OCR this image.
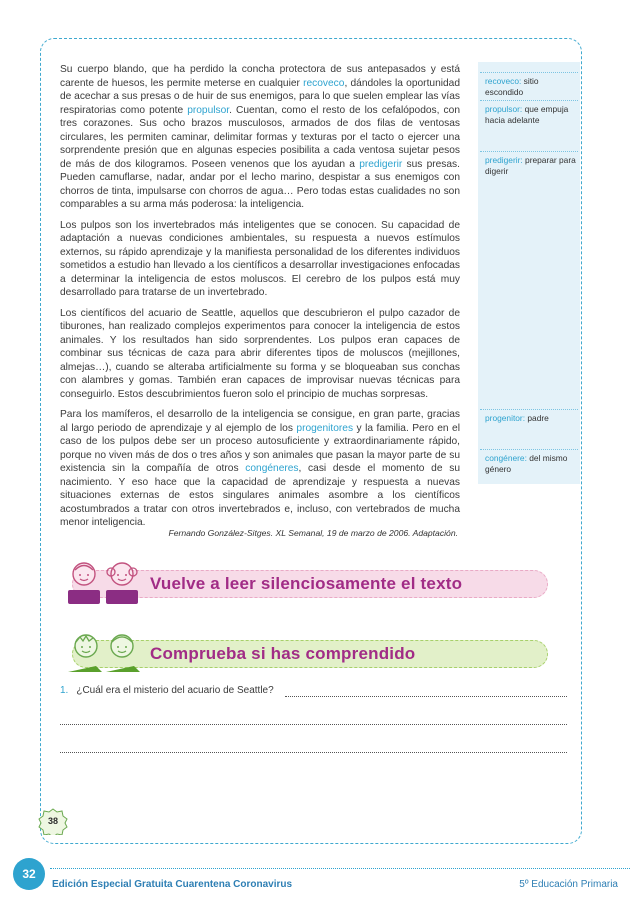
Su cuerpo blando, que ha perdido la concha protectora de sus antepasados y está carente de huesos, les permite meterse en cualquier recoveco, dándoles la oportunidad de acechar a sus presas o de huir de sus enemigos, para lo que suelen emplear las vías respiratorias como potente propulsor. Cuentan, como el resto de los cefalópodos, con tres corazones. Sus ocho brazos musculosos, armados de dos filas de ventosas circulares, les permiten caminar, delimitar formas y texturas por el tacto o ejercer una sorprendente presión que en algunas especies posibilita a cada ventosa sujetar pesos de más de dos kilogramos. Poseen venenos que los ayudan a predigerir sus presas. Pueden camuflarse, nadar, andar por el lecho marino, despistar a sus enemigos con chorros de tinta, impulsarse con chorros de agua… Pero todas estas cualidades no son comparables a su arma más poderosa: la inteligencia.

Los pulpos son los invertebrados más inteligentes que se conocen. Su capacidad de adaptación a nuevas condiciones ambientales, su respuesta a nuevos estímulos externos, su rápido aprendizaje y la manifiesta personalidad de los diferentes individuos sometidos a estudio han llevado a los científicos a desarrollar investigaciones enfocadas a determinar la inteligencia de estos moluscos. El cerebro de los pulpos está muy desarrollado para tratarse de un invertebrado.

Los científicos del acuario de Seattle, aquellos que descubrieron el pulpo cazador de tiburones, han realizado complejos experimentos para conocer la inteligencia de estos animales. Y los resultados han sido sorprendentes. Los pulpos eran capaces de combinar sus técnicas de caza para abrir diferentes tipos de moluscos (mejillones, almejas…), cuando se alteraba artificialmente su forma y se bloqueaban sus conchas con alambres y gomas. También eran capaces de improvisar nuevas técnicas para conseguirlo. Estos descubrimientos fueron solo el principio de muchas sorpresas.

Para los mamíferos, el desarrollo de la inteligencia se consigue, en gran parte, gracias al largo periodo de aprendizaje y al ejemplo de los progenitores y la familia. Pero en el caso de los pulpos debe ser un proceso autosuficiente y extraordinariamente rápido, porque no viven más de dos o tres años y son animales que pasan la mayor parte de su existencia sin la compañía de otros congéneres, casi desde el momento de su nacimiento. Y eso hace que la capacidad de aprendizaje y respuesta a nuevas situaciones externas de estos singulares animales asombre a los científicos acostumbrados a tratar con otros invertebrados e, incluso, con vertebrados de mucha menor inteligencia.

Fernando González-Sitges. XL Semanal, 19 de marzo de 2006. Adaptación.
recoveco: sitio escondido
propulsor: que empuja hacia adelante
predigerir: preparar para digerir
progenitor: padre
congénere: del mismo género
Vuelve a leer silenciosamente el texto
Comprueba si has comprendido
1. ¿Cuál era el misterio del acuario de Seattle?
38
32
Edición Especial Gratuita Cuarentena Coronavirus	5º Educación Primaria
